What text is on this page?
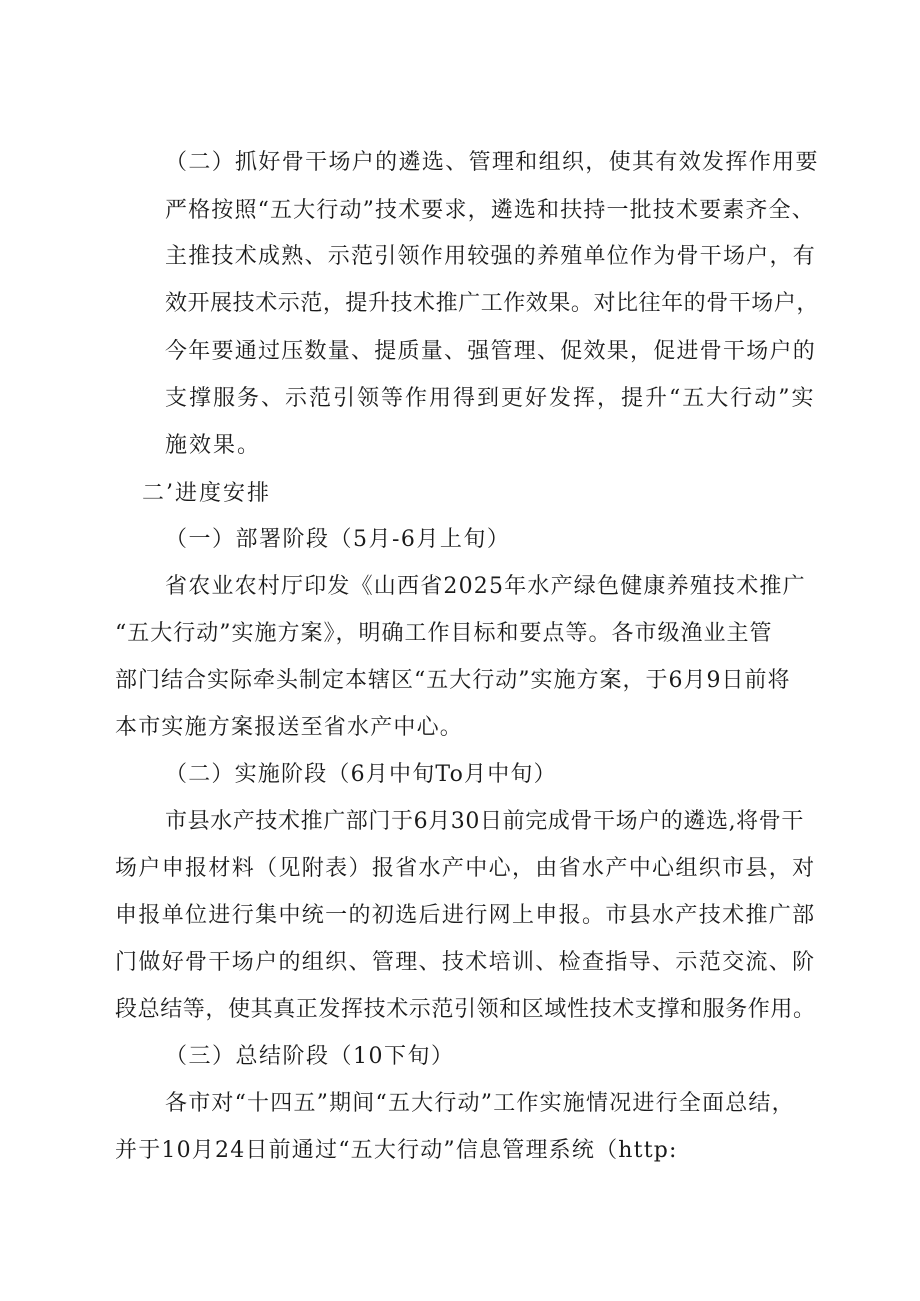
（二）抓好骨干场户的遴选、管理和组织，使其有效发挥作用要
严格按照“五大行动”技术要求，遴选和扶持一批技术要素齐全、
主推技术成熟、示范引领作用较强的养殖单位作为骨干场户，有
效开展技术示范，提升技术推广工作效果。对比往年的骨干场户，
今年要通过压数量、提质量、强管理、促效果，促进骨干场户的
支撑服务、示范引领等作用得到更好发挥，提升“五大行动”实
施效果。
二’进度安排
（一）部署阶段（5月-6月上旬）
省农业农村厅印发《山西省2025年水产绿色健康养殖技术推广
“五大行动”实施方案》，明确工作目标和要点等。各市级渔业主管
部门结合实际牵头制定本辖区“五大行动”实施方案，于6月9日前将
本市实施方案报送至省水产中心。
（二）实施阶段（6月中旬To月中旬）
市县水产技术推广部门于6月30日前完成骨干场户的遴选,将骨干
场户申报材料（见附表）报省水产中心，由省水产中心组织市县，对
申报单位进行集中统一的初选后进行网上申报。市县水产技术推广部
门做好骨干场户的组织、管理、技术培训、检查指导、示范交流、阶
段总结等，使其真正发挥技术示范引领和区域性技术支撑和服务作用。
（三）总结阶段（10下旬）
各市对“十四五”期间“五大行动”工作实施情况进行全面总结，
并于10月24日前通过“五大行动”信息管理系统（http:
